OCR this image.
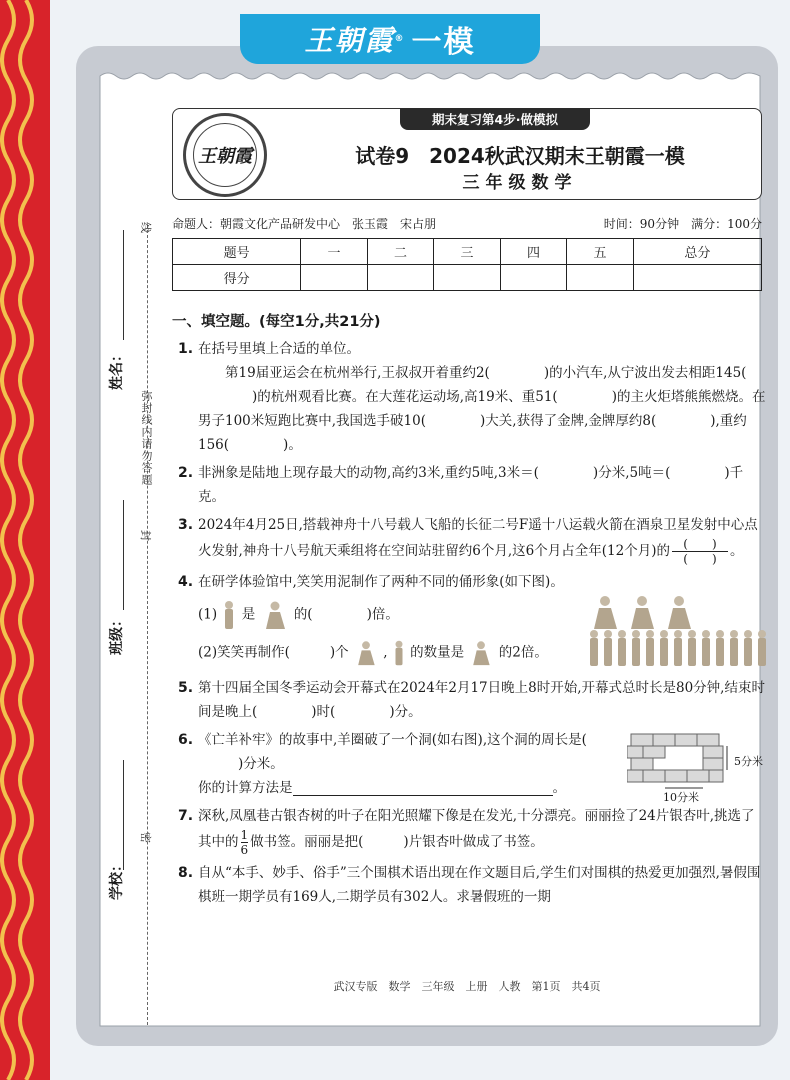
王朝霞 ® 一模
姓名：
班级：
学校：
线
封
密
弥封线内请勿答题
王朝霞
期末复习第4步·做模拟
试卷9　2024秋武汉期末王朝霞一模
三年级数学
命题人：朝霞文化产品研发中心　张玉霞　宋占朋	时间：90分钟　 满分：100分
题号	一	二	三	四	五	总分
得分						
一、填空题。(每空1分,共21分)
1. 在括号里填上合适的单位。
第19届亚运会在杭州举行,王叔叔开着重约2(	)的小汽车,从宁波出发去相距145()的杭州观看比赛。在大莲花运动场,高19米、重51(	)的主火炬塔熊熊燃烧。在男子100米短跑比赛中,我国选手破10(	)大关,获得了金牌,金牌厚约8(	),重约156(	)。
2. 非洲象是陆地上现存最大的动物,高约3米,重约5吨,3米＝(	)分米,5吨＝(	)千克。
3. 2024年4月25日,搭载神舟十八号载人飞船的长征二号F遥十八运载火箭在酒泉卫星发射中心点火发射,神舟十八号航天乘组将在空间站驻留约6个月,这6个月占全年(12个月)的 $\frac{( )}{( )}$ 。
4. 在研学体验馆中,笑笑用泥制作了两种不同的俑形象(如下图)。
(1) 是	的(	)倍。
(2)笑笑再制作(	)个	, 的数量是	的2倍。
5. 第十四届全国冬季运动会开幕式在2024年2月17日晚上8时开始,开幕式总时长是80分钟,结束时间是晚上(	)时(	)分。
6. 《亡羊补牢》的故事中,羊圈破了一个洞(如右图),这个洞的周长是()分米。
你的计算方法是	。
5分米
10分米
7. 深秋,凤凰巷古银杏树的叶子在阳光照耀下像是在发光,十分漂亮。丽丽捡了24片银杏叶,挑选了其中的 $\frac{1}{6}$ 做书签。丽丽是把(	)片银杏叶做成了书签。
8. 自从“本手、妙手、俗手”三个围棋术语出现在作文题目后,学生们对围棋的热爱更加强烈,暑假围棋班一期学员有169人,二期学员有302人。求暑假班的一期
武汉专版　数学　三年级　上册　人教　第1页　共4页
